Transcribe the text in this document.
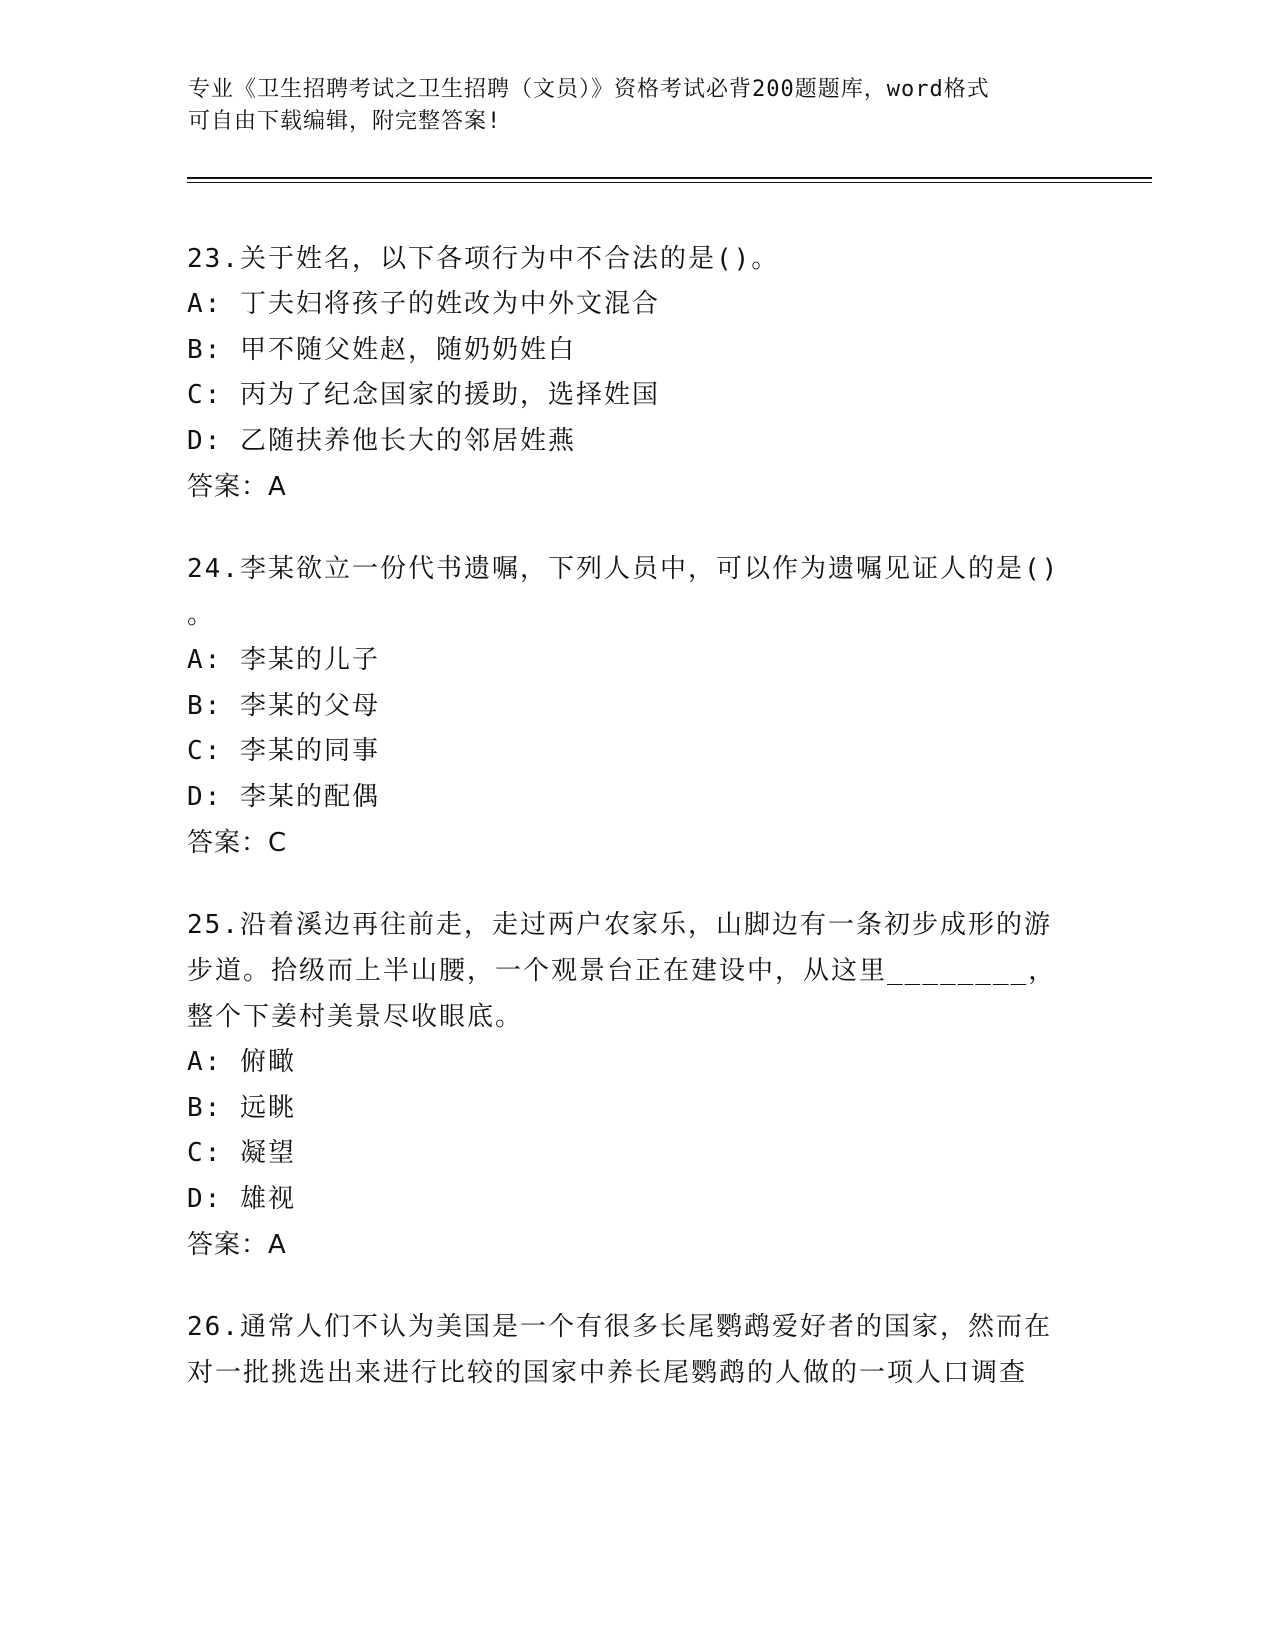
专业《卫生招聘考试之卫生招聘（文员）》资格考试必背200题题库，word格式
可自由下载编辑，附完整答案!
23.关于姓名，以下各项行为中不合法的是()。
A: 丁夫妇将孩子的姓改为中外文混合
B: 甲不随父姓赵，随奶奶姓白
C: 丙为了纪念国家的援助，选择姓国
D: 乙随扶养他长大的邻居姓燕
答案：A
24.李某欲立一份代书遗嘱，下列人员中，可以作为遗嘱见证人的是()
。
A: 李某的儿子
B: 李某的父母
C: 李某的同事
D: 李某的配偶
答案：C
25.沿着溪边再往前走，走过两户农家乐，山脚边有一条初步成形的游
步道。拾级而上半山腰，一个观景台正在建设中，从这里________，
整个下姜村美景尽收眼底。
A: 俯瞰
B: 远眺
C: 凝望
D: 雄视
答案：A
26.通常人们不认为美国是一个有很多长尾鹦鹉爱好者的国家，然而在
对一批挑选出来进行比较的国家中养长尾鹦鹉的人做的一项人口调查
